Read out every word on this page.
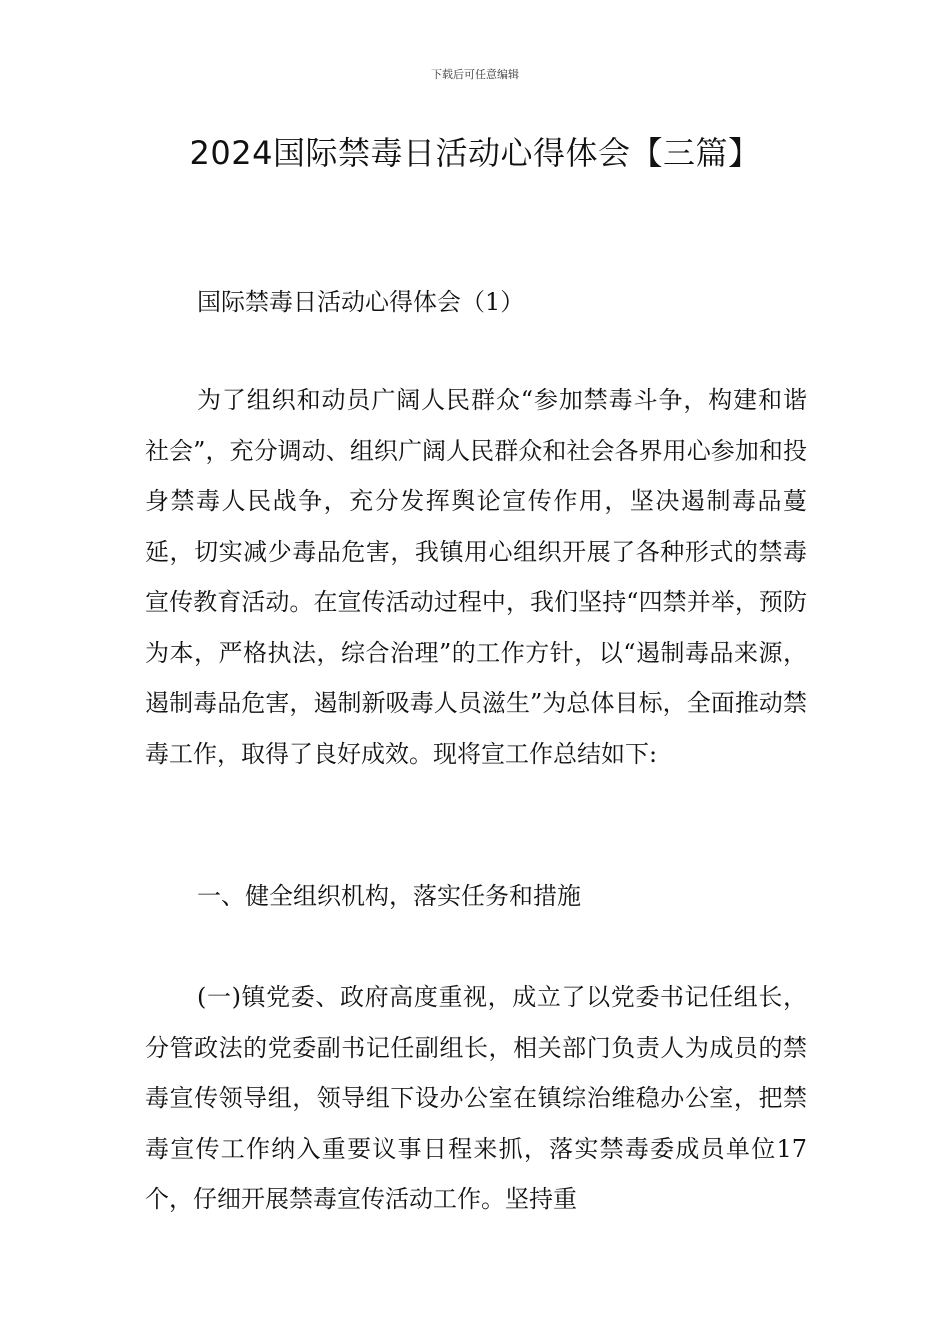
下载后可任意编辑
2024国际禁毒日活动心得体会【三篇】

国际禁毒日活动心得体会（1）

为了组织和动员广阔人民群众“参加禁毒斗争，构建和谐社会”，充分调动、组织广阔人民群众和社会各界用心参加和投身禁毒人民战争，充分发挥舆论宣传作用，坚决遏制毒品蔓延，切实减少毒品危害，我镇用心组织开展了各种形式的禁毒宣传教育活动。在宣传活动过程中，我们坚持“四禁并举，预防为本，严格执法，综合治理”的工作方针，以“遏制毒品来源，遏制毒品危害，遏制新吸毒人员滋生”为总体目标，全面推动禁毒工作，取得了良好成效。现将宣工作总结如下:

一、健全组织机构，落实任务和措施

(一)镇党委、政府高度重视，成立了以党委书记任组长，分管政法的党委副书记任副组长，相关部门负责人为成员的禁毒宣传领导组，领导组下设办公室在镇综治维稳办公室，把禁毒宣传工作纳入重要议事日程来抓，落实禁毒委成员单位17个，仔细开展禁毒宣传活动工作。坚持重
